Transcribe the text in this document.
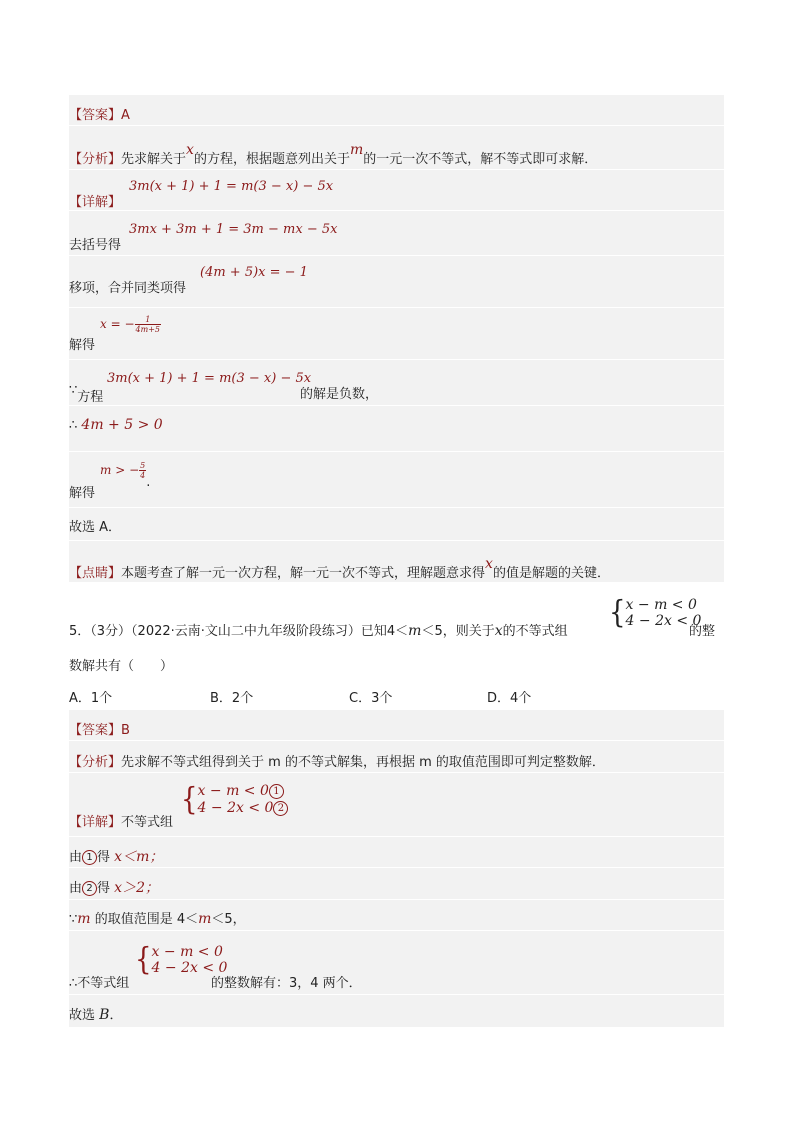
【答案】A
【分析】先求解关于x的方程，根据题意列出关于m的一元一次不等式，解不等式即可求解．
【详解】
3m(x + 1) + 1 = m(3 − x) − 5x
去括号得
3mx + 3m + 1 = 3m − mx − 5x
移项，合并同类项得
(4m + 5)x = − 1
解得
x = − $\frac{1}{4m+5}$
∵方程
3m(x + 1) + 1 = m(3 − x) − 5x
的解是负数，
∴ 4m + 5 > 0
解得
m > − $\frac{5}{4}$
.
故选 A．
【点睛】本题考查了解一元一次方程，解一元一次不等式，理解题意求得x的值是解题的关键．
5．（3分）（2022·云南·文山二中九年级阶段练习）已知4＜m＜5，则关于x的不等式组
{ x − m < 0
4 − 2x < 0
的整
数解共有（　　）
A．1个	B．2个	C．3个	D．4个
【答案】B
【分析】先求解不等式组得到关于 m 的不等式解集，再根据 m 的取值范围即可判定整数解．
【详解】不等式组
{ x − m < 0 1
4 − 2x < 0 2
由 1 得 x＜m；
由 2 得 x＞2；
∵m 的取值范围是 4＜m＜5，
∴不等式组
{ x − m < 0
4 − 2x < 0
的整数解有：3，4 两个．
故选 B．
